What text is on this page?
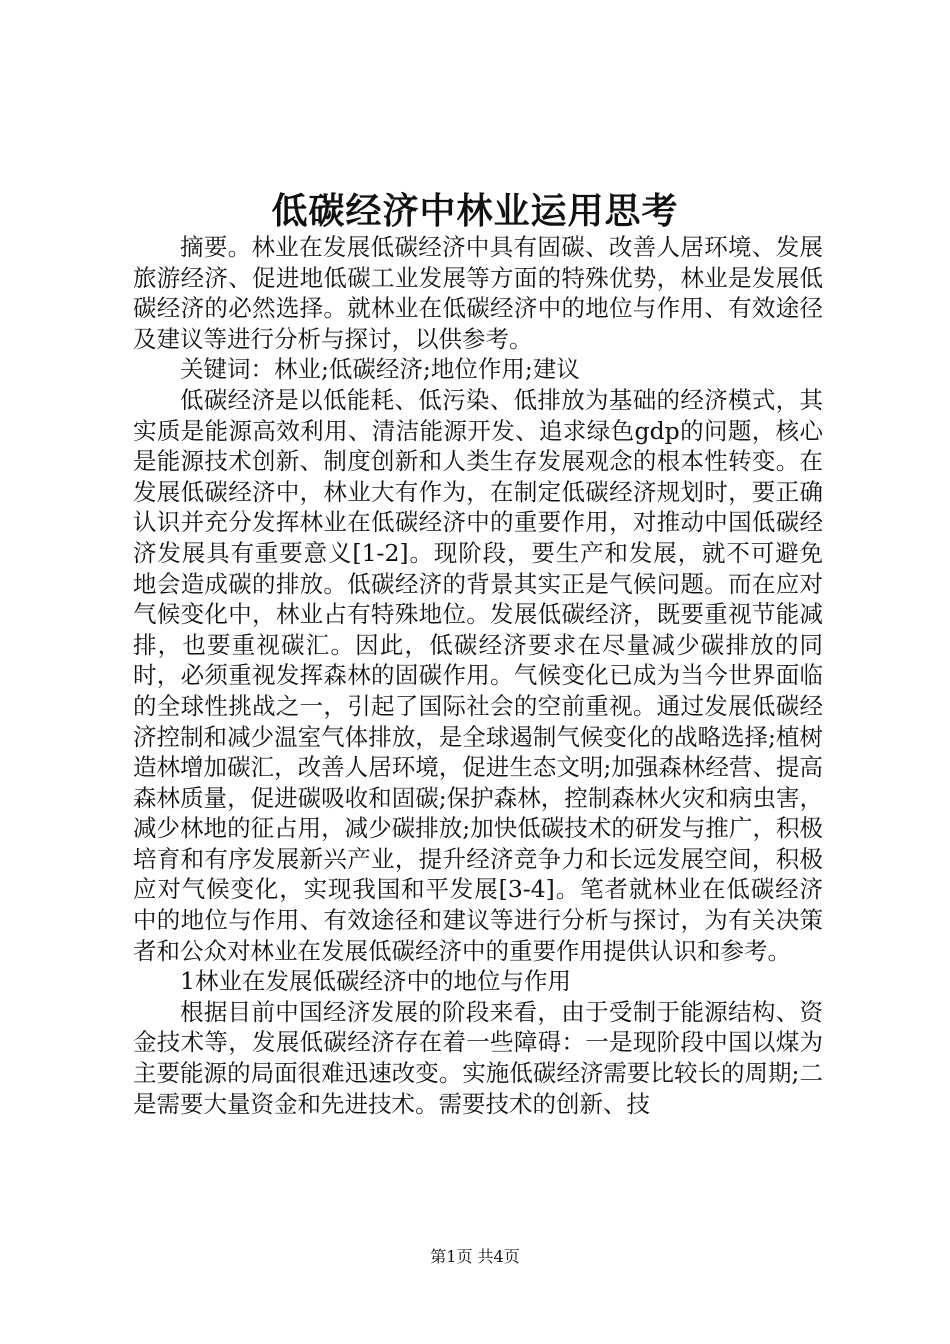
低碳经济中林业运用思考

摘要。林业在发展低碳经济中具有固碳、改善人居环境、发展旅游经济、促进地低碳工业发展等方面的特殊优势，林业是发展低碳经济的必然选择。就林业在低碳经济中的地位与作用、有效途径及建议等进行分析与探讨，以供参考。

关键词：林业;低碳经济;地位作用;建议

低碳经济是以低能耗、低污染、低排放为基础的经济模式，其实质是能源高效利用、清洁能源开发、追求绿色gdp的问题，核心是能源技术创新、制度创新和人类生存发展观念的根本性转变。在发展低碳经济中，林业大有作为，在制定低碳经济规划时，要正确认识并充分发挥林业在低碳经济中的重要作用，对推动中国低碳经济发展具有重要意义[1-2]。现阶段，要生产和发展，就不可避免地会造成碳的排放。低碳经济的背景其实正是气候问题。而在应对气候变化中，林业占有特殊地位。发展低碳经济，既要重视节能减排，也要重视碳汇。因此，低碳经济要求在尽量减少碳排放的同时，必须重视发挥森林的固碳作用。气候变化已成为当今世界面临的全球性挑战之一，引起了国际社会的空前重视。通过发展低碳经济控制和减少温室气体排放，是全球遏制气候变化的战略选择;植树造林增加碳汇，改善人居环境，促进生态文明;加强森林经营、提高森林质量，促进碳吸收和固碳;保护森林，控制森林火灾和病虫害，减少林地的征占用，减少碳排放;加快低碳技术的研发与推广，积极培育和有序发展新兴产业，提升经济竞争力和长远发展空间，积极应对气候变化，实现我国和平发展[3-4]。笔者就林业在低碳经济中的地位与作用、有效途径和建议等进行分析与探讨，为有关决策者和公众对林业在发展低碳经济中的重要作用提供认识和参考。

1林业在发展低碳经济中的地位与作用

根据目前中国经济发展的阶段来看，由于受制于能源结构、资金技术等，发展低碳经济存在着一些障碍：一是现阶段中国以煤为主要能源的局面很难迅速改变。实施低碳经济需要比较长的周期;二是需要大量资金和先进技术。需要技术的创新、技

第1页 共4页
